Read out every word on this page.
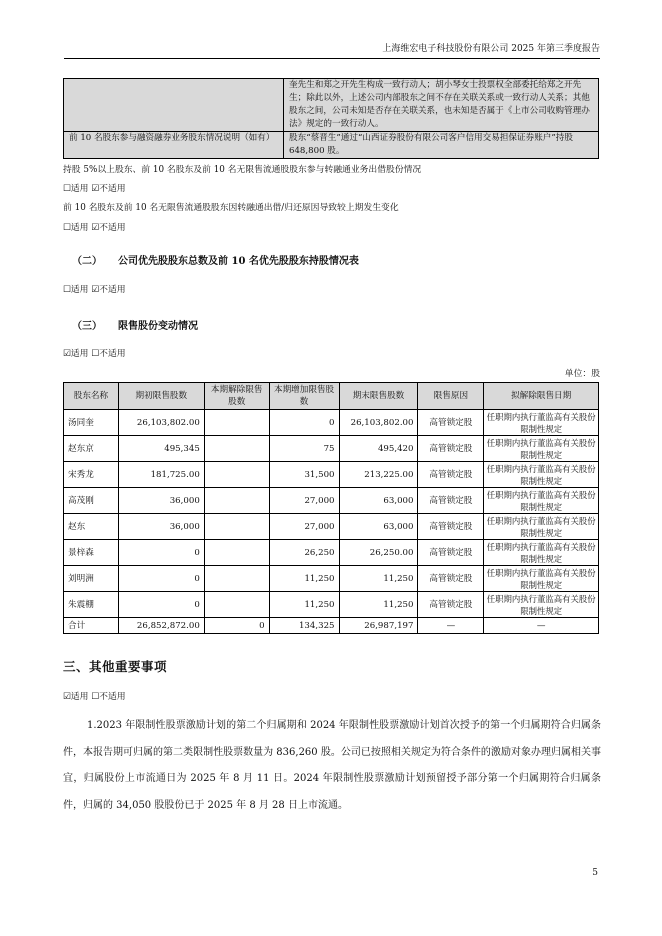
上海维宏电子科技股份有限公司 2025 年第三季度报告
	奎先生和郑之开先生构成一致行动人；胡小琴女士投票权全部委托给郑之开先生；除此以外，上述公司内部股东之间不存在关联关系或一致行动人关系；其他股东之间，公司未知是否存在关联关系，也未知是否属于《上市公司收购管理办法》规定的一致行动人。
前 10 名股东参与融资融券业务股东情况说明（如有）	股东“蔡晋生”通过“山西证券股份有限公司客户信用交易担保证券账户”持股 648,800 股。
持股 5%以上股东、前 10 名股东及前 10 名无限售流通股股东参与转融通业务出借股份情况
☐适用 ☑不适用
前 10 名股东及前 10 名无限售流通股股东因转融通出借/归还原因导致较上期发生变化
☐适用 ☑不适用
（二） 公司优先股股东总数及前 10 名优先股股东持股情况表
☐适用 ☑不适用
（三） 限售股份变动情况
☑适用 ☐不适用
单位：股
股东名称	期初限售股数	本期解除限售股数	本期增加限售股数	期末限售股数	限售原因	拟解除限售日期
汤同奎	26,103,802.00		0	26,103,802.00	高管锁定股	任职期内执行董监高有关股份限制性规定
赵东京	495,345		75	495,420	高管锁定股	任职期内执行董监高有关股份限制性规定
宋秀龙	181,725.00		31,500	213,225.00	高管锁定股	任职期内执行董监高有关股份限制性规定
高茂刚	36,000		27,000	63,000	高管锁定股	任职期内执行董监高有关股份限制性规定
赵东	36,000		27,000	63,000	高管锁定股	任职期内执行董监高有关股份限制性规定
景梓森	0		26,250	26,250.00	高管锁定股	任职期内执行董监高有关股份限制性规定
刘明洲	0		11,250	11,250	高管锁定股	任职期内执行董监高有关股份限制性规定
朱震棚	0		11,250	11,250	高管锁定股	任职期内执行董监高有关股份限制性规定
合计	26,852,872.00	0	134,325	26,987,197	—	—
三、其他重要事项
☑适用 ☐不适用
1.2023 年限制性股票激励计划的第二个归属期和 2024 年限制性股票激励计划首次授予的第一个归属期符合归属条件，本报告期可归属的第二类限制性股票数量为 836,260 股。公司已按照相关规定为符合条件的激励对象办理归属相关事宜，归属股份上市流通日为 2025 年 8 月 11 日。2024 年限制性股票激励计划预留授予部分第一个归属期符合归属条件，归属的 34,050 股股份已于 2025 年 8 月 28 日上市流通。
5
